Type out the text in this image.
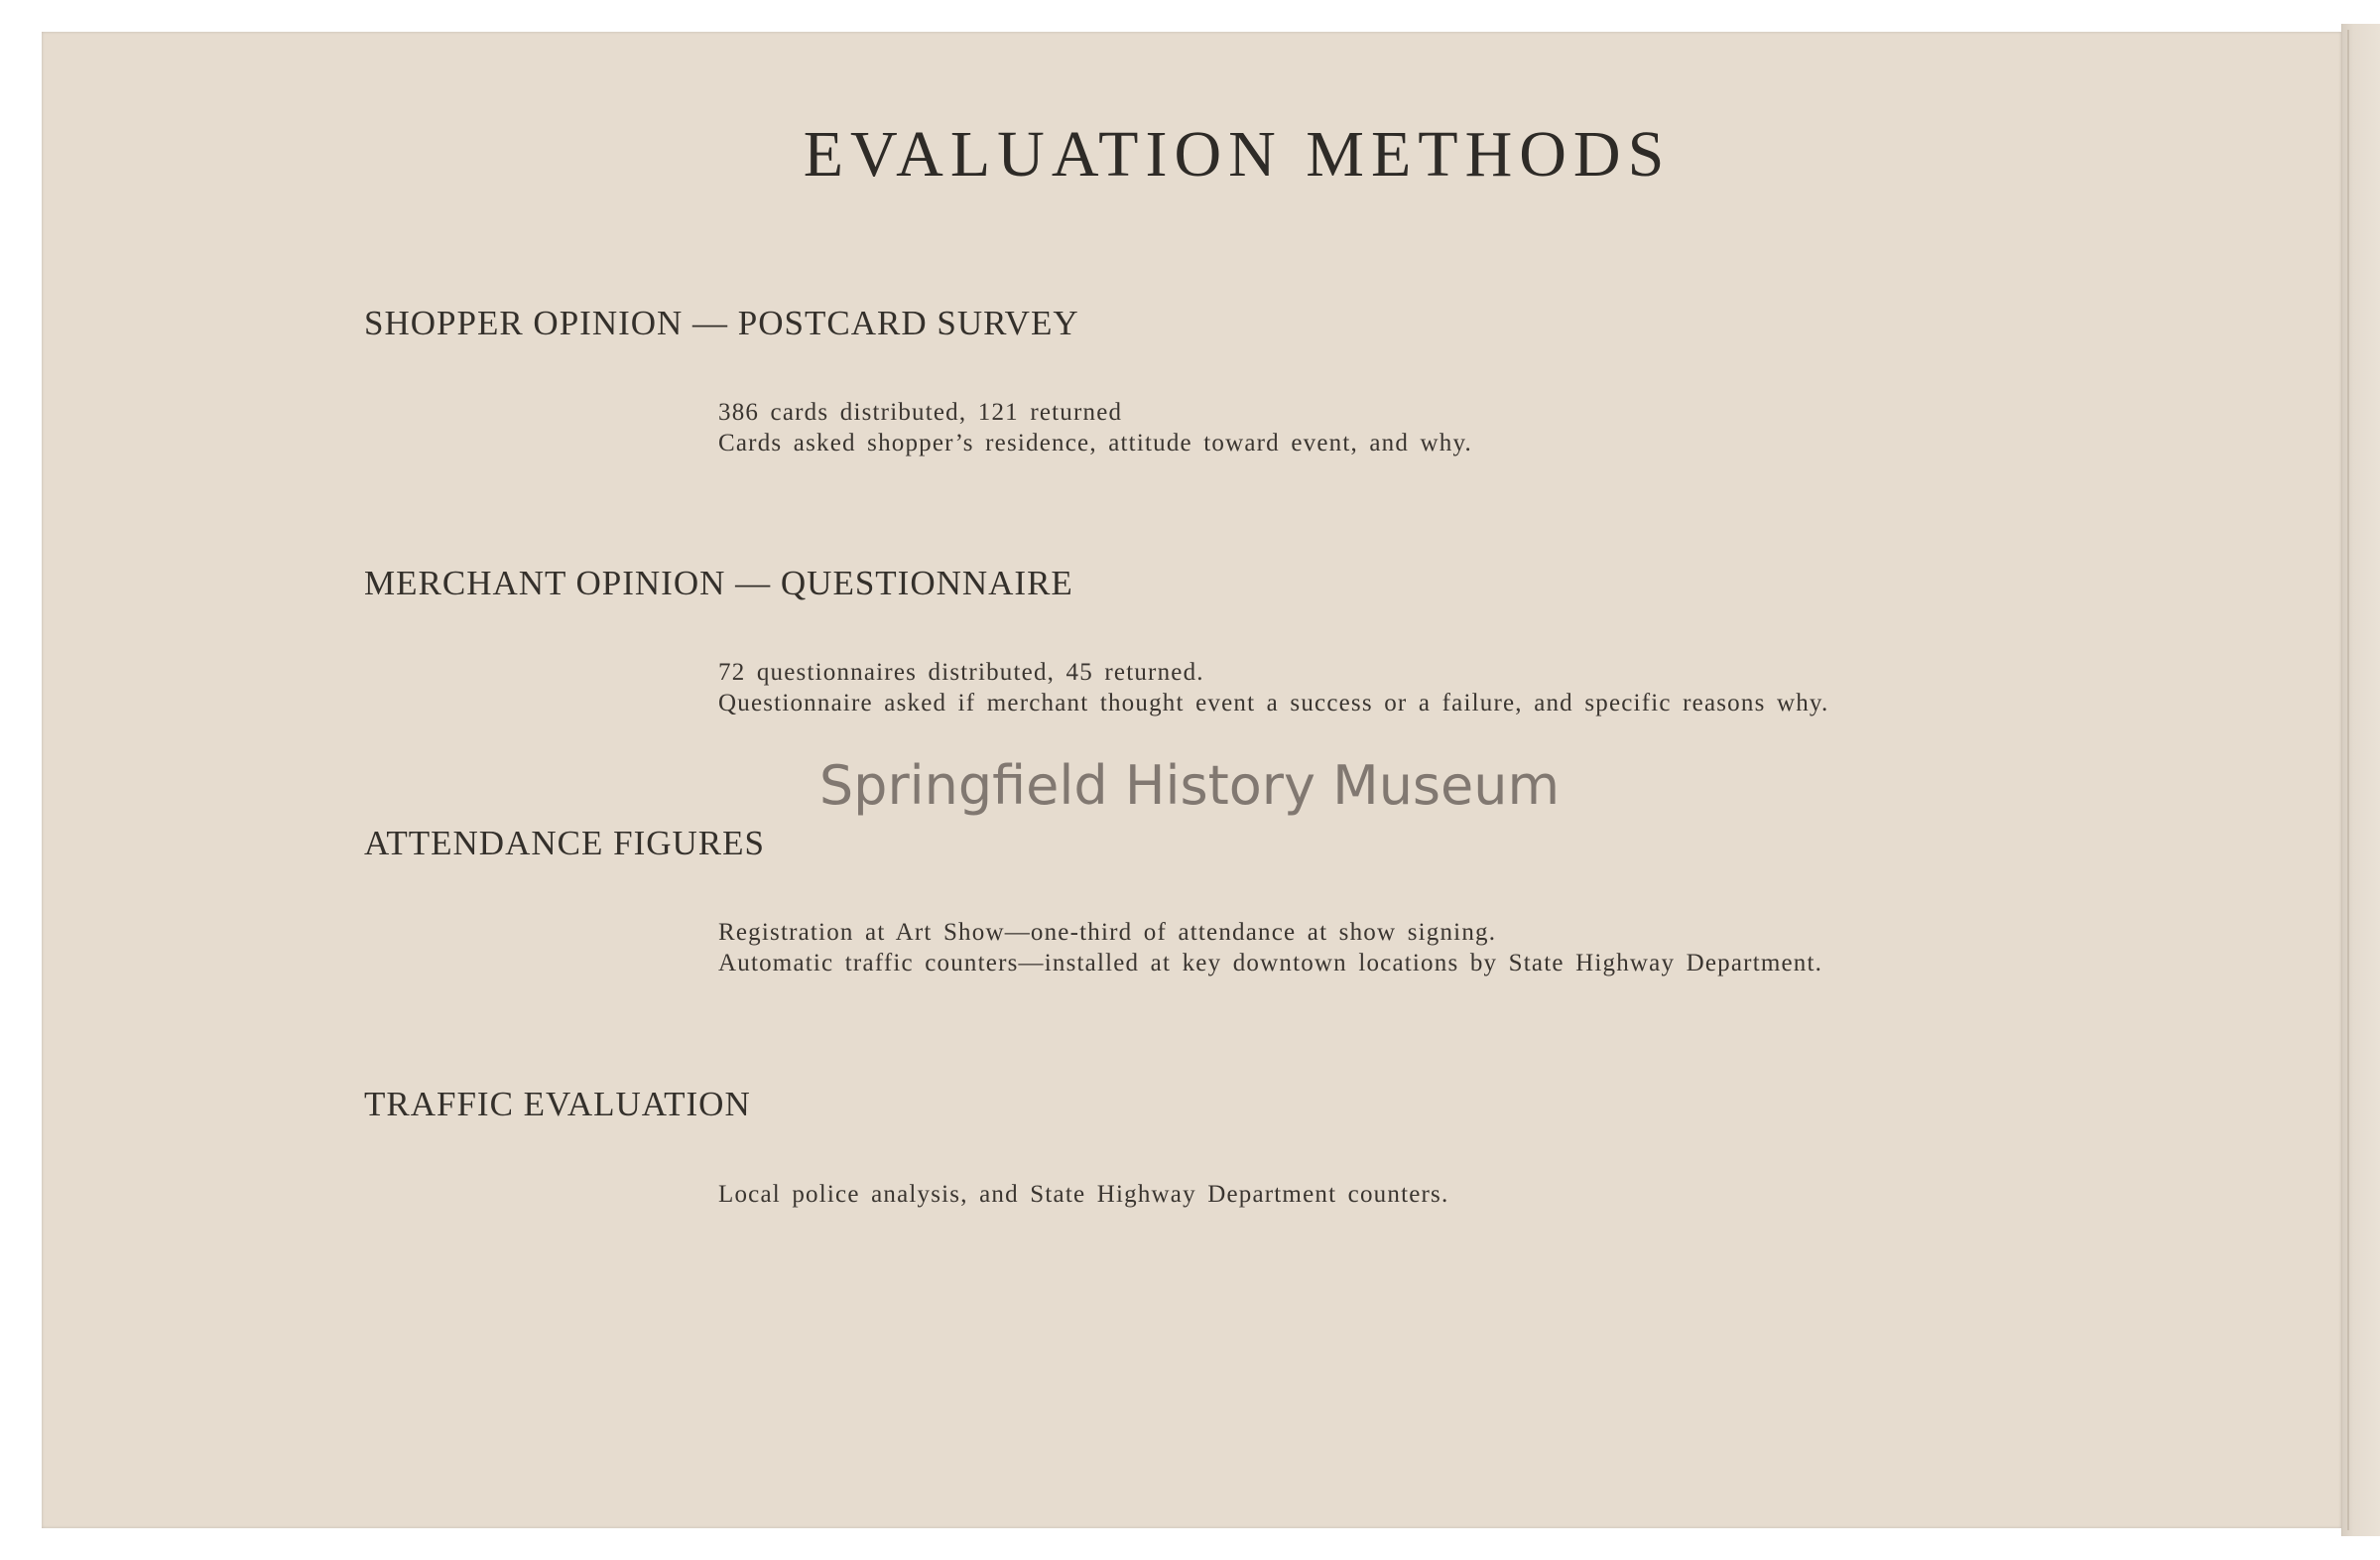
EVALUATION METHODS
SHOPPER OPINION — POSTCARD SURVEY
386 cards distributed, 121 returned
Cards asked shopper’s residence, attitude toward event, and why.
MERCHANT OPINION — QUESTIONNAIRE
72 questionnaires distributed, 45 returned.
Questionnaire asked if merchant thought event a success or a failure, and specific reasons why.
ATTENDANCE FIGURES
Registration at Art Show—one-third of attendance at show signing.
Automatic traffic counters—installed at key downtown locations by State Highway Department.
TRAFFIC EVALUATION
Local police analysis, and State Highway Department counters.
Springfield History Museum
